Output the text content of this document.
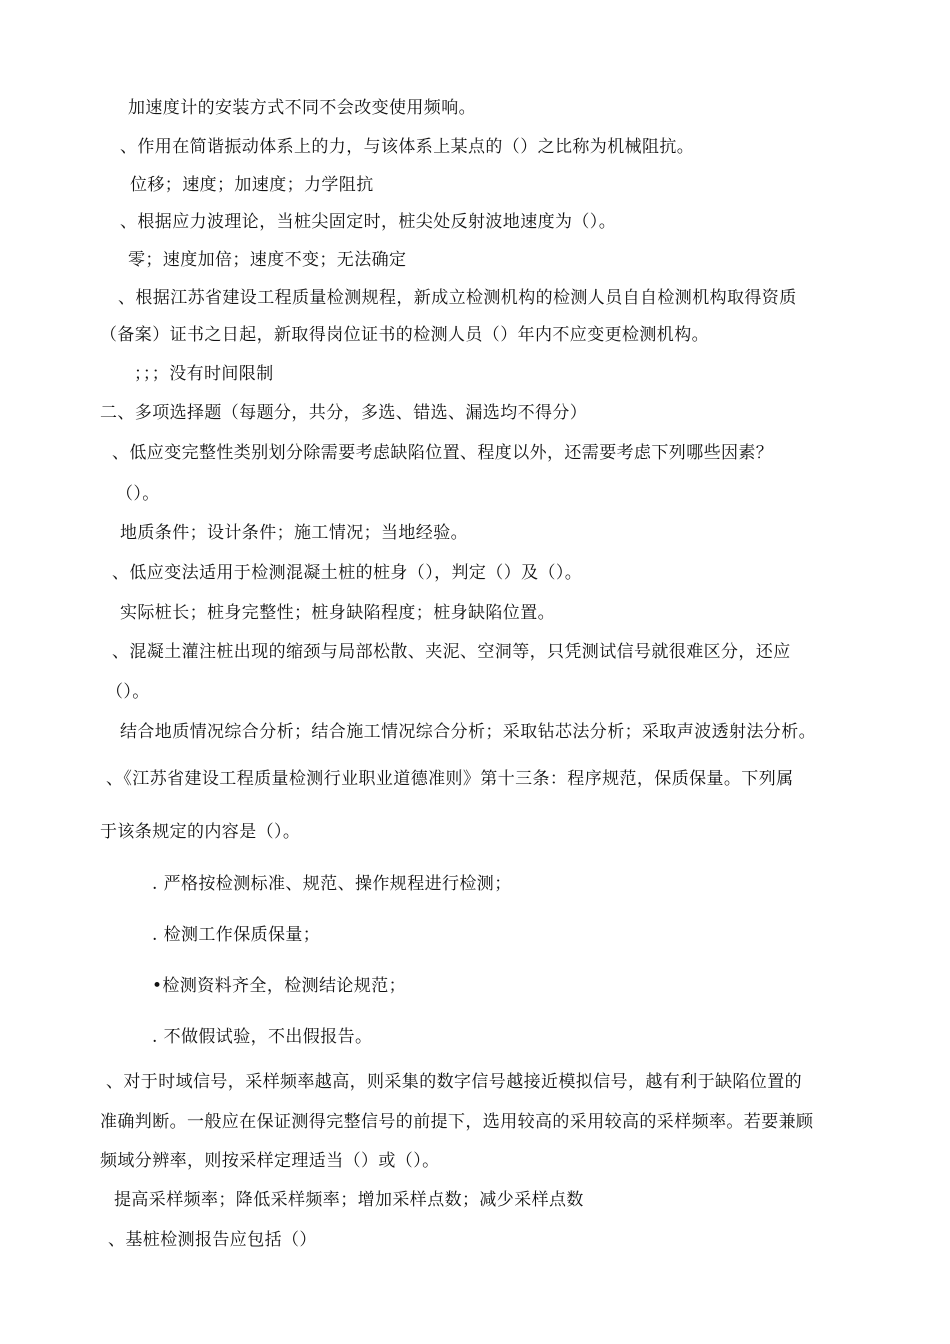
加速度计的安装方式不同不会改变使用频响。
、作用在简谐振动体系上的力，与该体系上某点的（）之比称为机械阻抗。
位移；速度；加速度；力学阻抗
、根据应力波理论，当桩尖固定时，桩尖处反射波地速度为（）。
零；速度加倍；速度不变；无法确定
、根据江苏省建设工程质量检测规程，新成立检测机构的检测人员自自检测机构取得资质
（备案）证书之日起，新取得岗位证书的检测人员（）年内不应变更检测机构。
；；；没有时间限制
二、多项选择题（每题分，共分，多选、错选、漏选均不得分）
、低应变完整性类别划分除需要考虑缺陷位置、程度以外，还需要考虑下列哪些因素？
（）。
地质条件；设计条件；施工情况；当地经验。
、低应变法适用于检测混凝土桩的桩身（），判定（）及（）。
实际桩长；桩身完整性；桩身缺陷程度；桩身缺陷位置。
、混凝土灌注桩出现的缩颈与局部松散、夹泥、空洞等，只凭测试信号就很难区分，还应
（）。
结合地质情况综合分析；结合施工情况综合分析；采取钻芯法分析；采取声波透射法分析。
、《江苏省建设工程质量检测行业职业道德准则》第十三条：程序规范，保质保量。下列属
于该条规定的内容是（）。
. 严格按检测标准、规范、操作规程进行检测；
. 检测工作保质保量；
•检测资料齐全，检测结论规范；
. 不做假试验，不出假报告。
、对于时域信号，采样频率越高，则采集的数字信号越接近模拟信号，越有利于缺陷位置的
准确判断。一般应在保证测得完整信号的前提下，选用较高的采用较高的采样频率。若要兼顾
频域分辨率，则按采样定理适当（）或（）。
提高采样频率；降低采样频率；增加采样点数；减少采样点数
、基桩检测报告应包括（）
